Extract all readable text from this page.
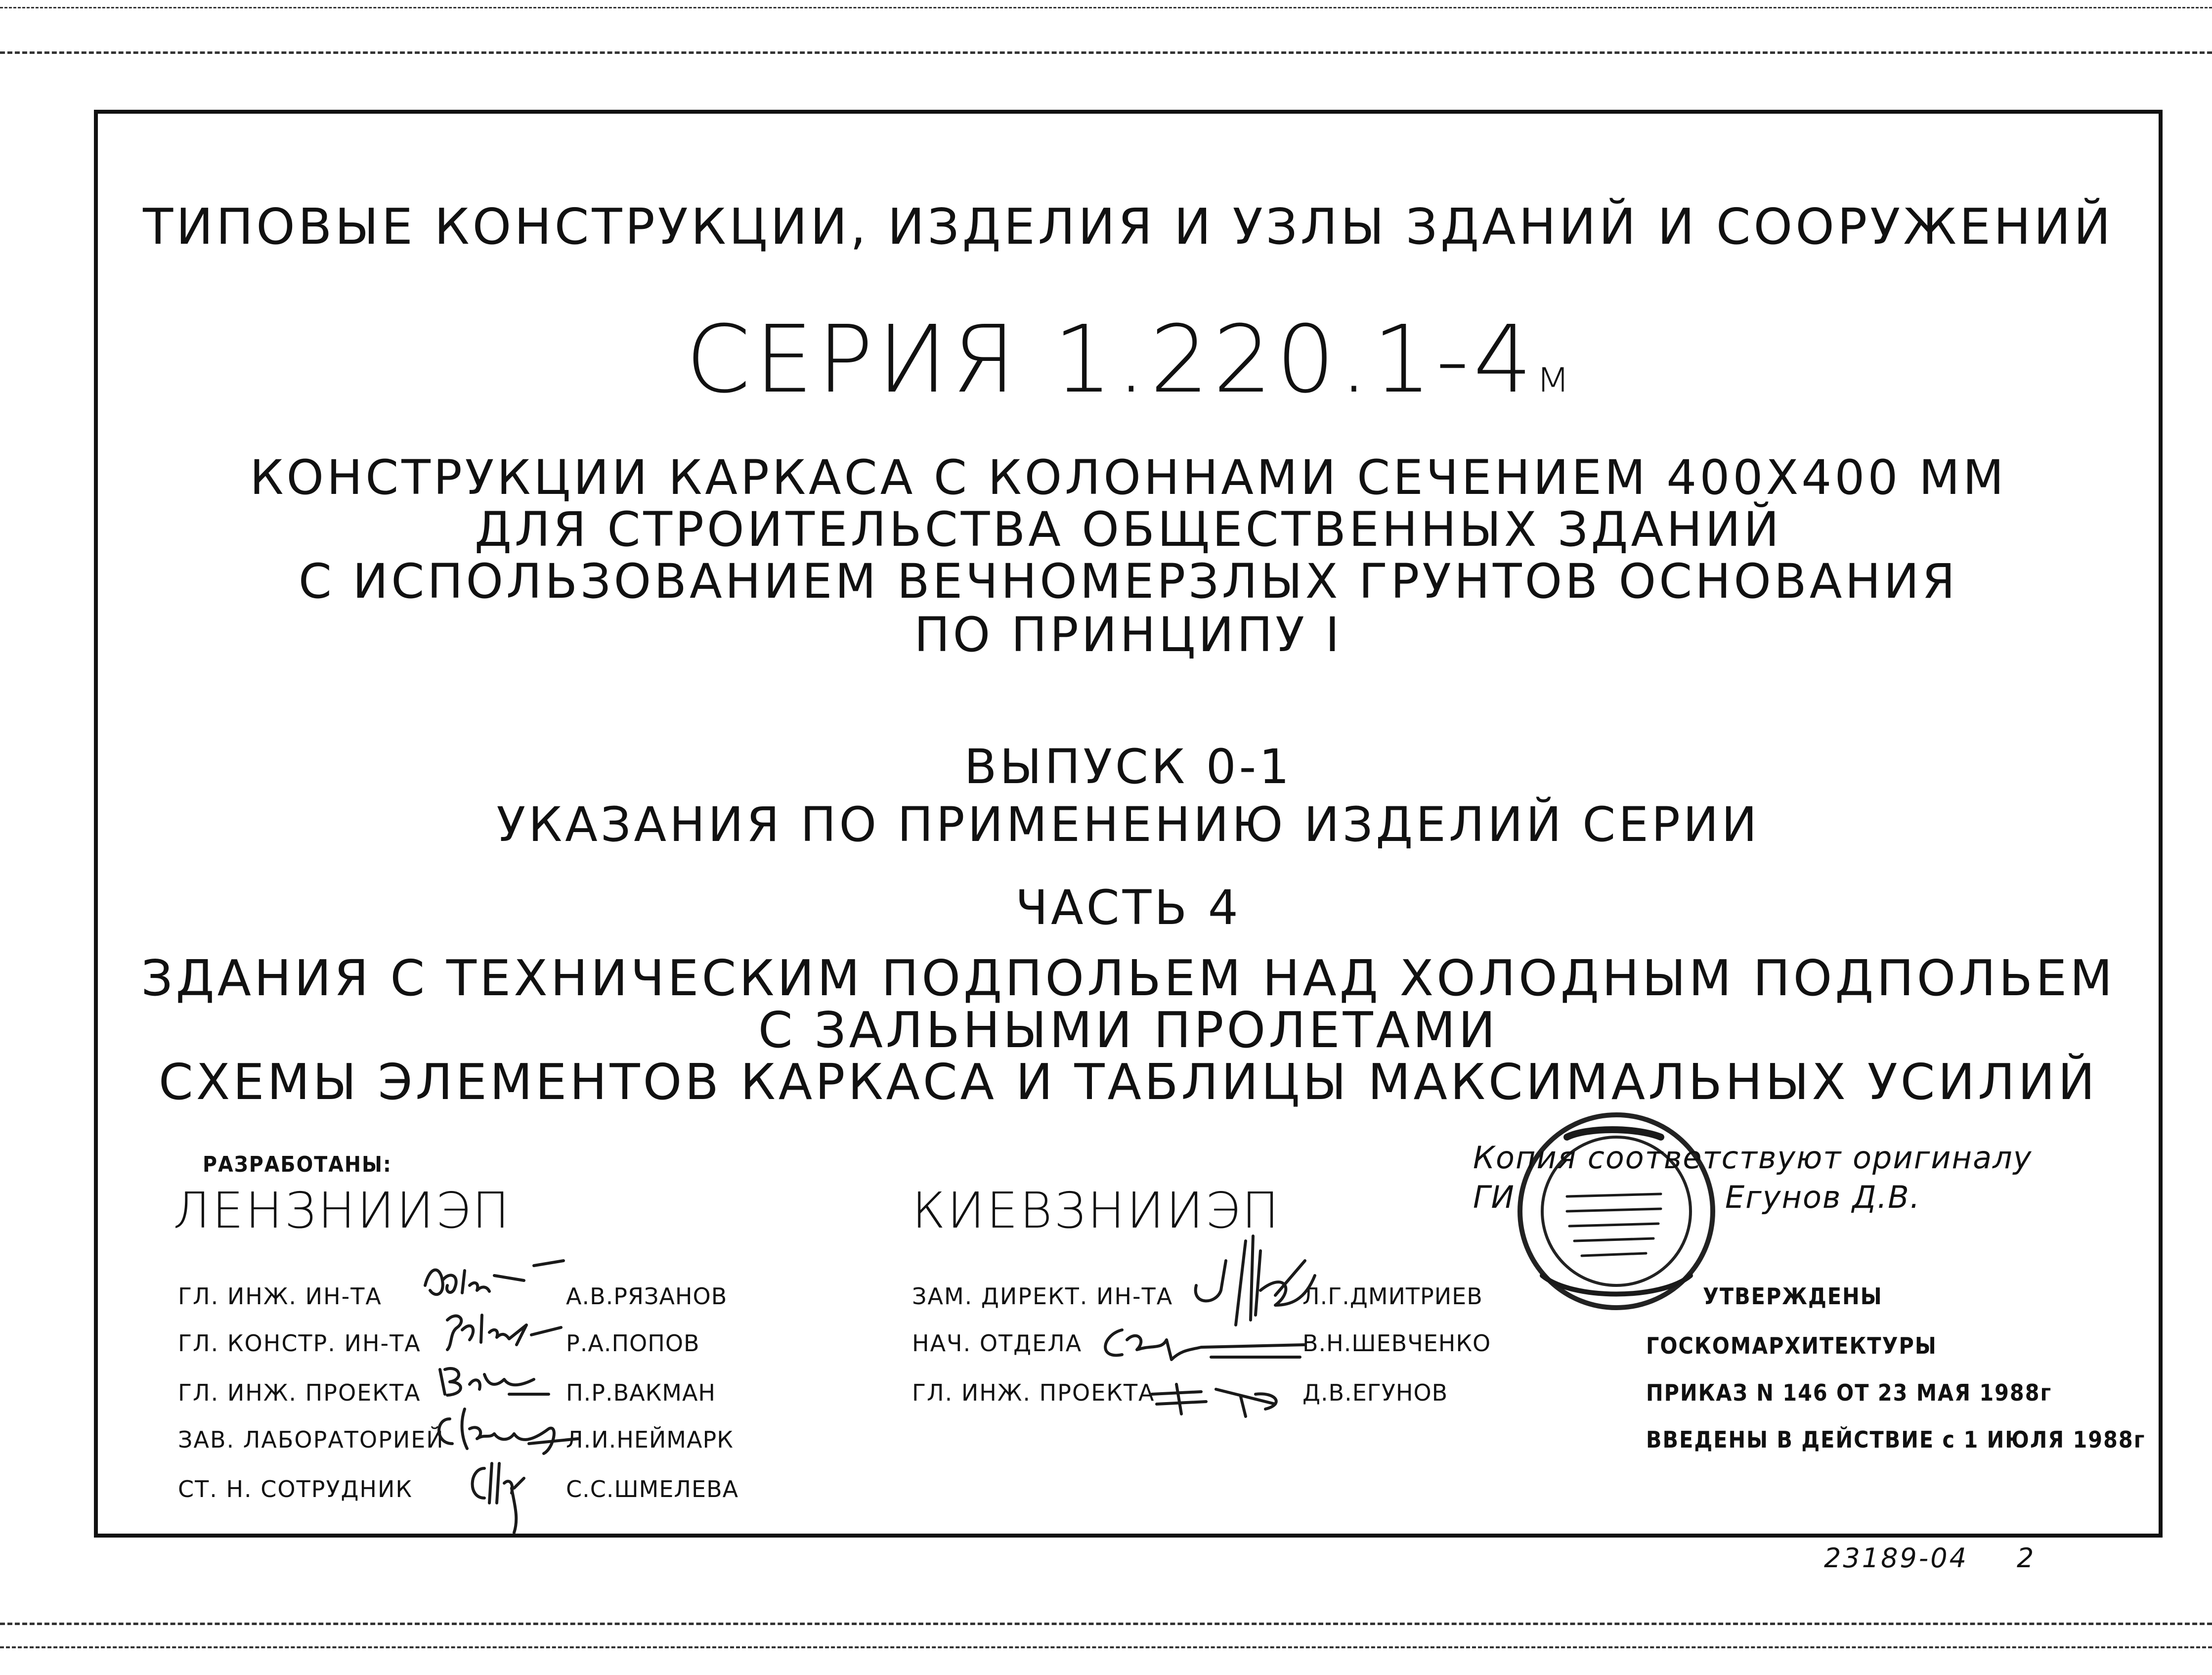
ТИПОВЫЕ КОНСТРУКЦИИ, ИЗДЕЛИЯ И УЗЛЫ ЗДАНИЙ И СООРУЖЕНИЙ
СЕРИЯ 1.220.1-4м
КОНСТРУКЦИИ КАРКАСА С КОЛОННАМИ СЕЧЕНИЕМ 400Х400 ММ
ДЛЯ СТРОИТЕЛЬСТВА ОБЩЕСТВЕННЫХ ЗДАНИЙ
С ИСПОЛЬЗОВАНИЕМ ВЕЧНОМЕРЗЛЫХ ГРУНТОВ ОСНОВАНИЯ
ПО ПРИНЦИПУ I
ВЫПУСК 0-1
УКАЗАНИЯ ПО ПРИМЕНЕНИЮ ИЗДЕЛИЙ СЕРИИ
ЧАСТЬ 4
ЗДАНИЯ С ТЕХНИЧЕСКИМ ПОДПОЛЬЕМ НАД ХОЛОДНЫМ ПОДПОЛЬЕМ
С ЗАЛЬНЫМИ ПРОЛЕТАМИ
СХЕМЫ ЭЛЕМЕНТОВ КАРКАСА И ТАБЛИЦЫ МАКСИМАЛЬНЫХ УСИЛИЙ
РАЗРАБОТАНЫ:
ЛЕНЗНИИЭП	КИЕВЗНИИЭП
ГЛ. ИНЖ. ИН-ТА	А.В.РЯЗАНОВ
ГЛ. КОНСТР. ИН-ТА	Р.А.ПОПОВ
ГЛ. ИНЖ. ПРОЕКТА	П.Р.ВАКМАН
ЗАВ. ЛАБОРАТОРИЕЙ	Л.И.НЕЙМАРК
СТ. Н. СОТРУДНИК	С.С.ШМЕЛЕВА
ЗАМ. ДИРЕКТ. ИН-ТА	Л.Г.ДМИТРИЕВ
НАЧ. ОТДЕЛА	В.Н.ШЕВЧЕНКО
ГЛ. ИНЖ. ПРОЕКТА	Д.В.ЕГУНОВ
Копия соответствуют оригиналу
ГИ	Егунов Д.В.
УТВЕРЖДЕНЫ
ГОСКОМАРХИТЕКТУРЫ
ПРИКАЗ N 146 ОТ 23 МАЯ 1988г
ВВЕДЕНЫ В ДЕЙСТВИЕ с 1 ИЮЛЯ 1988г
23189-04 2
